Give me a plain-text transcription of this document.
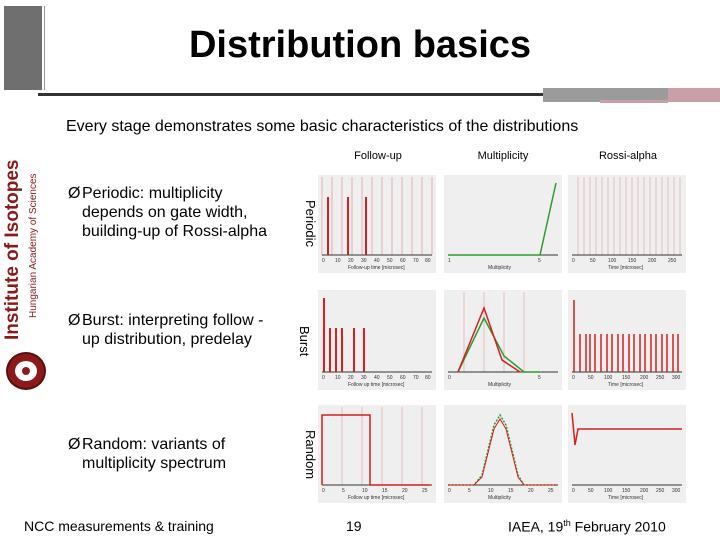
Institute of Isotopes Hungarian Academy of Sciences
Distribution basics
Every stage demonstrates some basic characteristics of the distributions
Follow-up	Multiplicity	Rossi-alpha
Ø Periodic: multiplicity depends on gate width, building-up of Rossi-alpha
Ø Burst: interpreting follow -up distribution, predelay
Ø Random: variants of multiplicity spectrum
Periodic
Burst
Random
0 10 20 30 40 50 60 70 80
Follow-up time [microsec]
1	5
Multiplicity
0	50 100 150 200 250
Time [microsec]
0 10 20 30 40 50 60 70 80
Follow up time [microsec]
0	5
Multiplicity
0	50 100 150 200 250 300
Time [microsec]
0	5	10	15	20	25
Follow up time [microsec]
0	5	10	15	20	25
Multiplicity
0	50 100 150 200 250 300
Time [microsec]
NCC measurements & training	19	IAEA, 19th February 2010
